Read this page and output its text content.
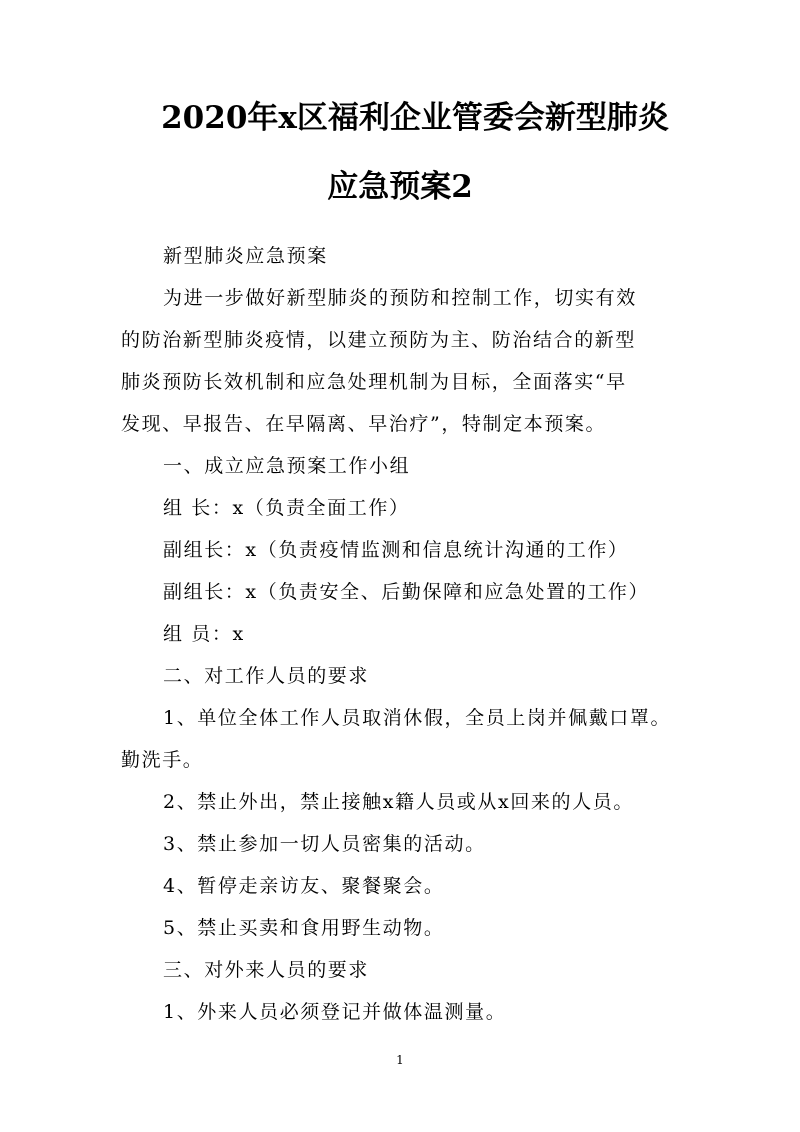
2020年x区福利企业管委会新型肺炎
应急预案2
新型肺炎应急预案
为进一步做好新型肺炎的预防和控制工作，切实有效
的防治新型肺炎疫情，以建立预防为主、防治结合的新型
肺炎预防长效机制和应急处理机制为目标，全面落实“早
发现、早报告、在早隔离、早治疗”，特制定本预案。
一、成立应急预案工作小组
组 长：x（负责全面工作）
副组长：x（负责疫情监测和信息统计沟通的工作）
副组长：x（负责安全、后勤保障和应急处置的工作）
组 员：x
二、对工作人员的要求
1、单位全体工作人员取消休假，全员上岗并佩戴口罩。
勤洗手。
2、禁止外出，禁止接触x籍人员或从x回来的人员。
3、禁止参加一切人员密集的活动。
4、暂停走亲访友、聚餐聚会。
5、禁止买卖和食用野生动物。
三、对外来人员的要求
1、外来人员必须登记并做体温测量。
1
